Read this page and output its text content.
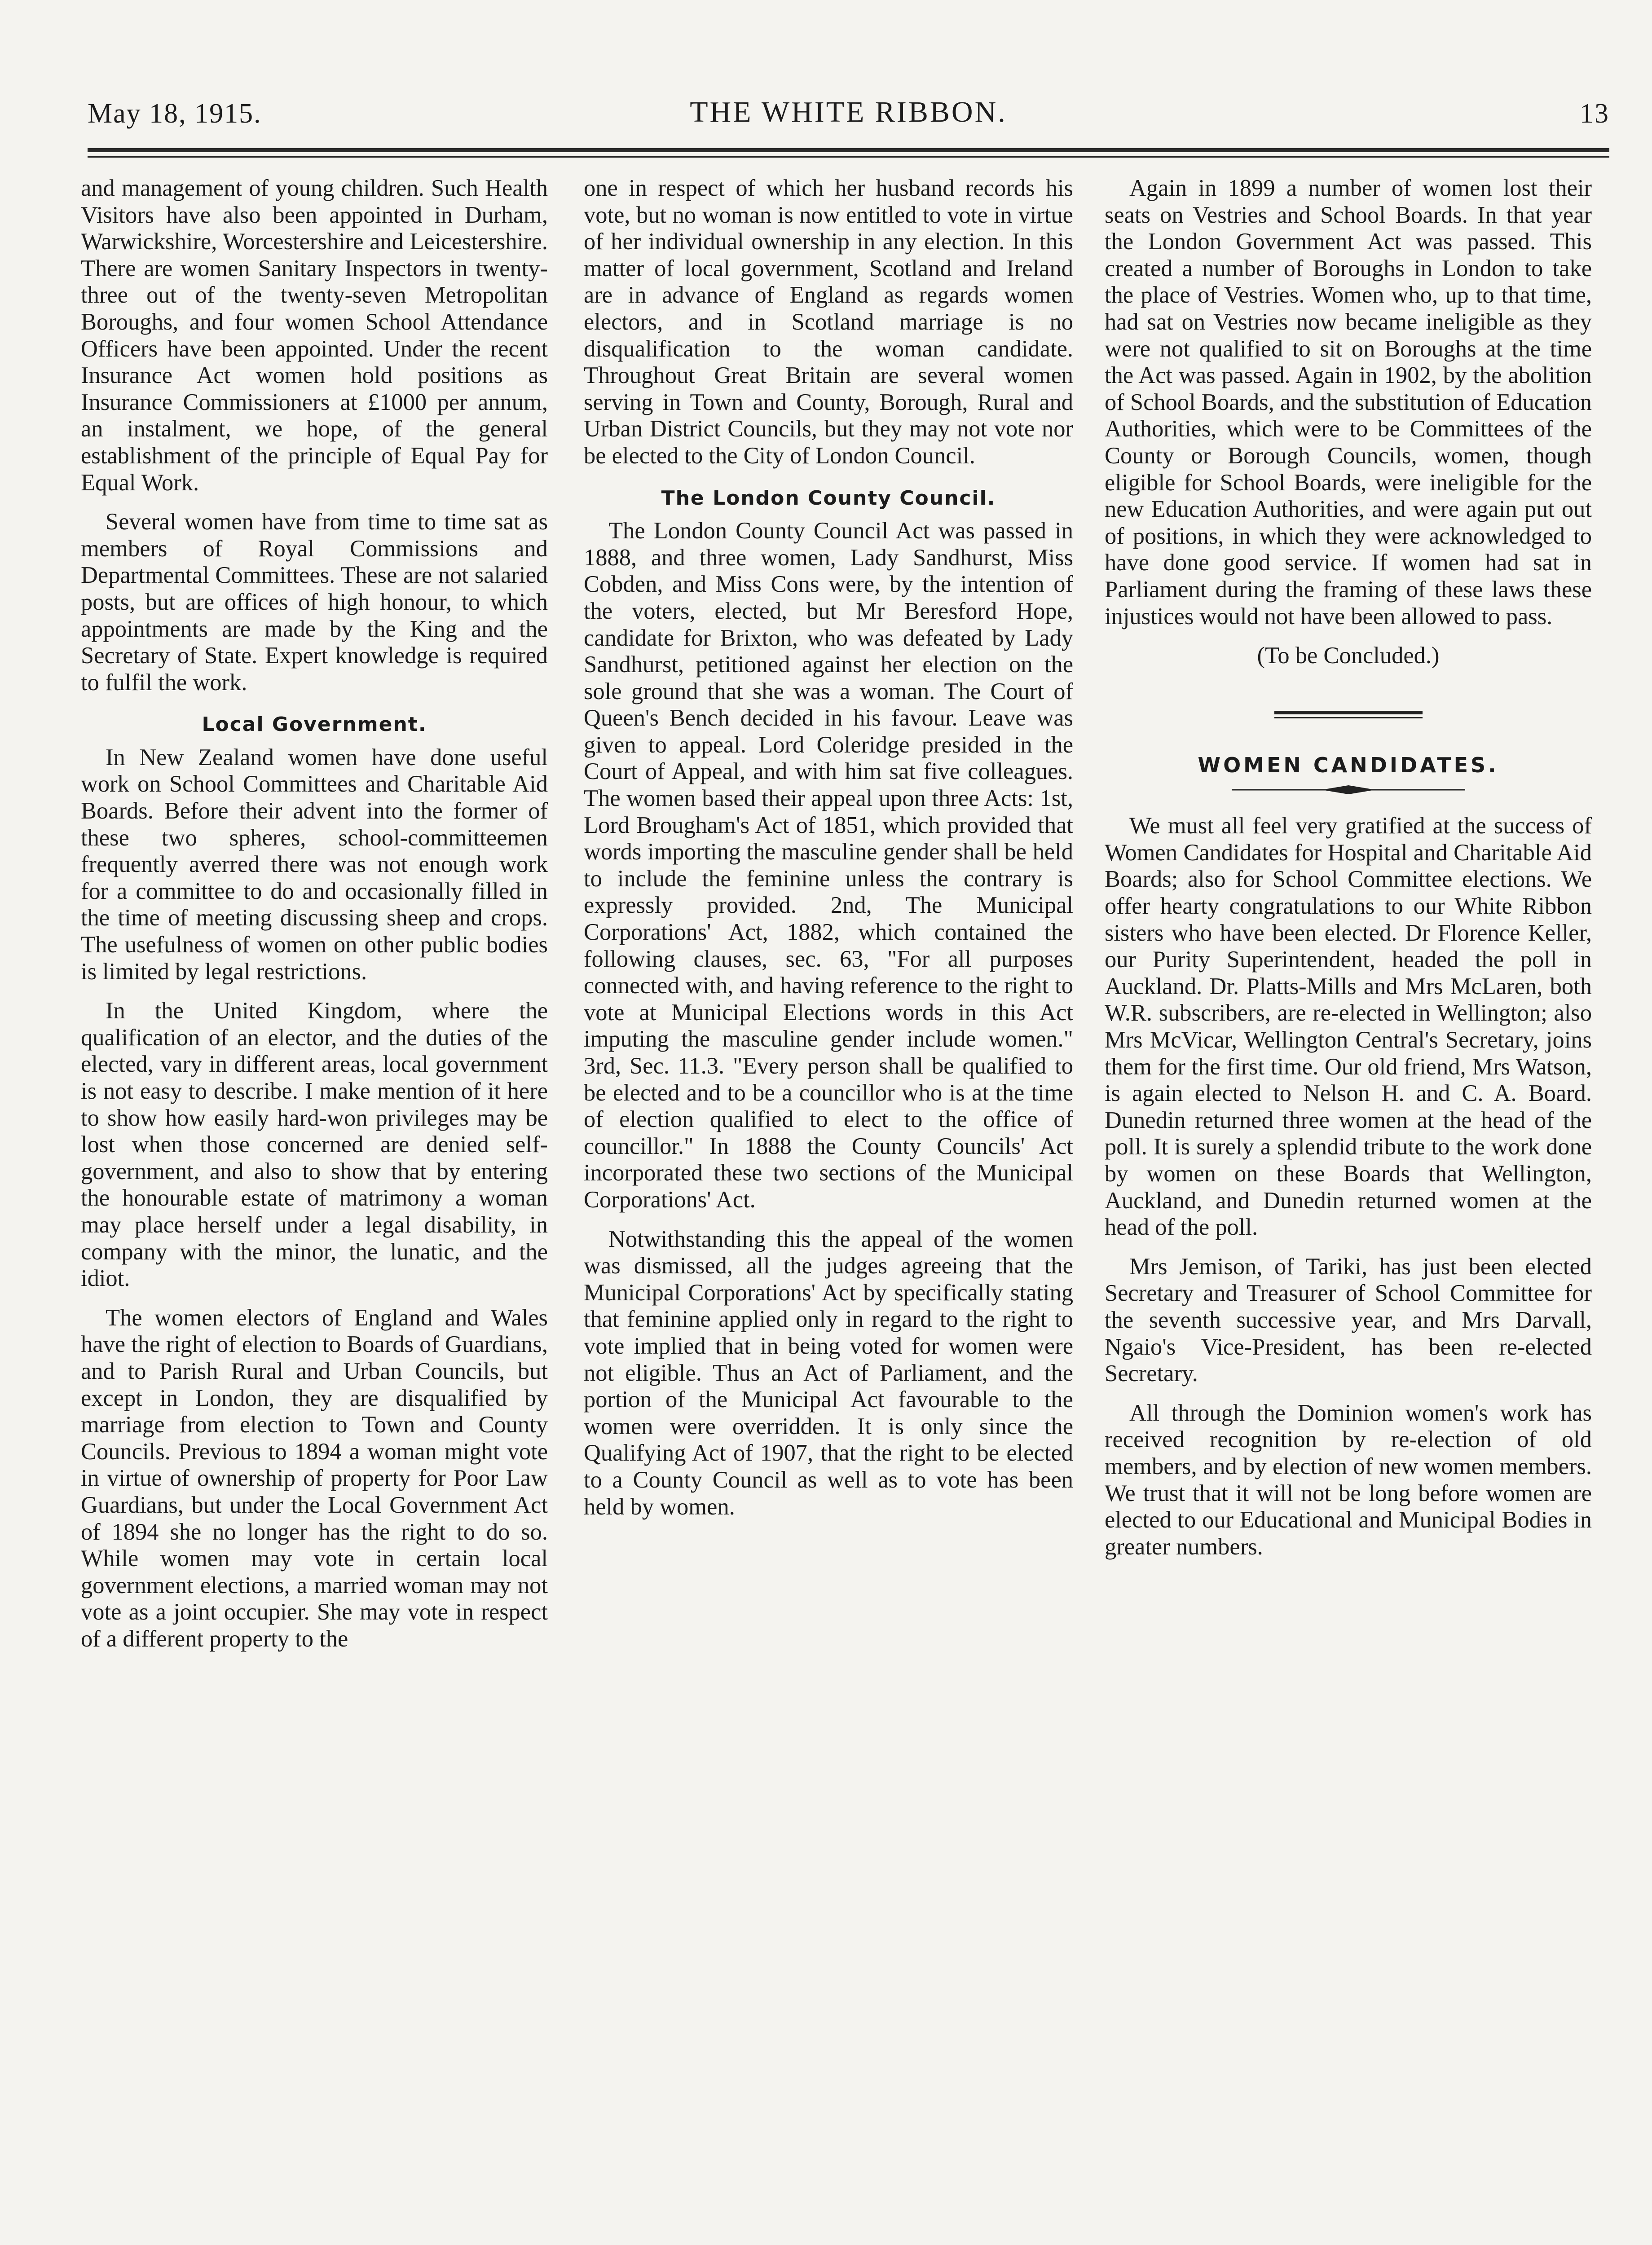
May 18, 1915.	THE WHITE RIBBON.	13

and management of young children. Such Health Visitors have also been appointed in Durham, Warwickshire, Worcestershire and Leicestershire. There are women Sanitary Inspectors in twenty-three out of the twenty-seven Metropolitan Boroughs, and four women School Attendance Officers have been appointed. Under the recent Insurance Act women hold positions as Insurance Commissioners at £1000 per annum, an instalment, we hope, of the general establishment of the principle of Equal Pay for Equal Work.

Several women have from time to time sat as members of Royal Commissions and Departmental Committees. These are not salaried posts, but are offices of high honour, to which appointments are made by the King and the Secretary of State. Expert knowledge is required to fulfil the work.

Local Government.

In New Zealand women have done useful work on School Committees and Charitable Aid Boards. Before their advent into the former of these two spheres, school-committeemen frequently averred there was not enough work for a committee to do and occasionally filled in the time of meeting discussing sheep and crops. The usefulness of women on other public bodies is limited by legal restrictions.

In the United Kingdom, where the qualification of an elector, and the duties of the elected, vary in different areas, local government is not easy to describe. I make mention of it here to show how easily hard-won privileges may be lost when those concerned are denied self-government, and also to show that by entering the honourable estate of matrimony a woman may place herself under a legal disability, in company with the minor, the lunatic, and the idiot.

The women electors of England and Wales have the right of election to Boards of Guardians, and to Parish Rural and Urban Councils, but except in London, they are disqualified by marriage from election to Town and County Councils. Previous to 1894 a woman might vote in virtue of ownership of property for Poor Law Guardians, but under the Local Government Act of 1894 she no longer has the right to do so. While women may vote in certain local government elections, a married woman may not vote as a joint occupier. She may vote in respect of a different property to the

one in respect of which her husband records his vote, but no woman is now entitled to vote in virtue of her individual ownership in any election. In this matter of local government, Scotland and Ireland are in advance of England as regards women electors, and in Scotland marriage is no disqualification to the woman candidate. Throughout Great Britain are several women serving in Town and County, Borough, Rural and Urban District Councils, but they may not vote nor be elected to the City of London Council.

The London County Council.

The London County Council Act was passed in 1888, and three women, Lady Sandhurst, Miss Cobden, and Miss Cons were, by the intention of the voters, elected, but Mr Beresford Hope, candidate for Brixton, who was defeated by Lady Sandhurst, petitioned against her election on the sole ground that she was a woman. The Court of Queen's Bench decided in his favour. Leave was given to appeal. Lord Coleridge presided in the Court of Appeal, and with him sat five colleagues. The women based their appeal upon three Acts: 1st, Lord Brougham's Act of 1851, which provided that words importing the masculine gender shall be held to include the feminine unless the contrary is expressly provided. 2nd, The Municipal Corporations' Act, 1882, which contained the following clauses, sec. 63, "For all purposes connected with, and having reference to the right to vote at Municipal Elections words in this Act imputing the masculine gender include women." 3rd, Sec. 11.3. "Every person shall be qualified to be elected and to be a councillor who is at the time of election qualified to elect to the office of councillor." In 1888 the County Councils' Act incorporated these two sections of the Municipal Corporations' Act.

Notwithstanding this the appeal of the women was dismissed, all the judges agreeing that the Municipal Corporations' Act by specifically stating that feminine applied only in regard to the right to vote implied that in being voted for women were not eligible. Thus an Act of Parliament, and the portion of the Municipal Act favourable to the women were overridden. It is only since the Qualifying Act of 1907, that the right to be elected to a County Council as well as to vote has been held by women.

Again in 1899 a number of women lost their seats on Vestries and School Boards. In that year the London Government Act was passed. This created a number of Boroughs in London to take the place of Vestries. Women who, up to that time, had sat on Vestries now became ineligible as they were not qualified to sit on Boroughs at the time the Act was passed. Again in 1902, by the abolition of School Boards, and the substitution of Education Authorities, which were to be Committees of the County or Borough Councils, women, though eligible for School Boards, were ineligible for the new Education Authorities, and were again put out of positions, in which they were acknowledged to have done good service. If women had sat in Parliament during the framing of these laws these injustices would not have been allowed to pass.

(To be Concluded.)
WOMEN CANDIDATES.

We must all feel very gratified at the success of Women Candidates for Hospital and Charitable Aid Boards; also for School Committee elections. We offer hearty congratulations to our White Ribbon sisters who have been elected. Dr Florence Keller, our Purity Superintendent, headed the poll in Auckland. Dr. Platts-Mills and Mrs McLaren, both W.R. subscribers, are re-elected in Wellington; also Mrs McVicar, Wellington Central's Secretary, joins them for the first time. Our old friend, Mrs Watson, is again elected to Nelson H. and C. A. Board. Dunedin returned three women at the head of the poll. It is surely a splendid tribute to the work done by women on these Boards that Wellington, Auckland, and Dunedin returned women at the head of the poll.

Mrs Jemison, of Tariki, has just been elected Secretary and Treasurer of School Committee for the seventh successive year, and Mrs Darvall, Ngaio's Vice-President, has been re-elected Secretary.

All through the Dominion women's work has received recognition by re-election of old members, and by election of new women members. We trust that it will not be long before women are elected to our Educational and Municipal Bodies in greater numbers.
